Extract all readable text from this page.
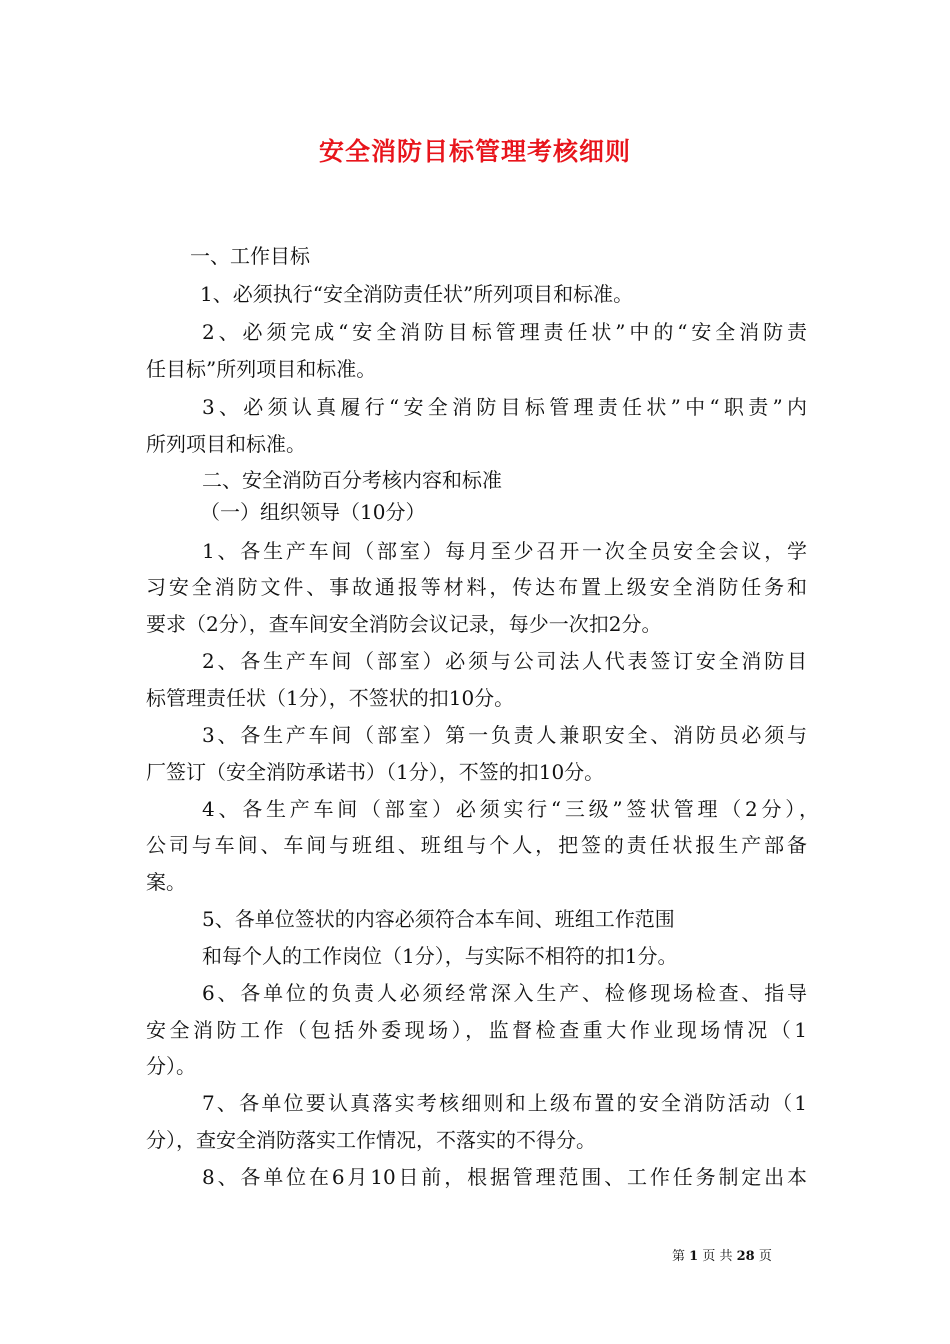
安全消防目标管理考核细则
一、工作目标
1、必须执行“安全消防责任状”所列项目和标准。
2、必须完成“安全消防目标管理责任状”中的“安全消防责
任目标”所列项目和标准。
3、必须认真履行“安全消防目标管理责任状”中“职责”内
所列项目和标准。
二、安全消防百分考核内容和标准
（一）组织领导（10分）
1、各生产车间（部室）每月至少召开一次全员安全会议，学
习安全消防文件、事故通报等材料，传达布置上级安全消防任务和
要求（2分），查车间安全消防会议记录，每少一次扣2分。
2、各生产车间（部室）必须与公司法人代表签订安全消防目
标管理责任状（1分），不签状的扣10分。
3、各生产车间（部室）第一负责人兼职安全、消防员必须与
厂签订（安全消防承诺书）（1分），不签的扣10分。
4、各生产车间（部室）必须实行“三级”签状管理（2分），
公司与车间、车间与班组、班组与个人，把签的责任状报生产部备
案。
5、各单位签状的内容必须符合本车间、班组工作范围
和每个人的工作岗位（1分），与实际不相符的扣1分。
6、各单位的负责人必须经常深入生产、检修现场检查、指导
安全消防工作（包括外委现场），监督检查重大作业现场情况（1
分）。
7、各单位要认真落实考核细则和上级布置的安全消防活动（1
分），查安全消防落实工作情况，不落实的不得分。
8、各单位在6月10日前，根据管理范围、工作任务制定出本
第 1 页 共 28 页
